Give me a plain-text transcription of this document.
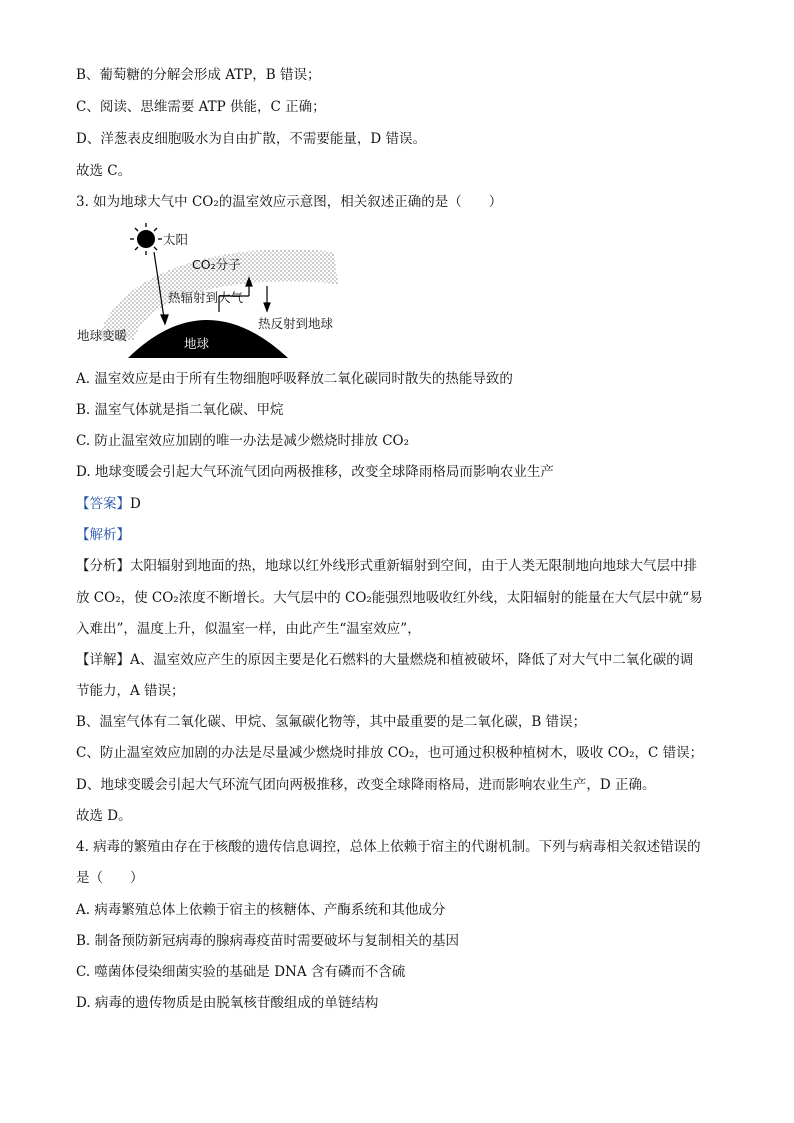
B、葡萄糖的分解会形成 ATP，B 错误；
C、阅读、思维需要 ATP 供能，C 正确；
D、洋葱表皮细胞吸水为自由扩散，不需要能量，D 错误。
故选 C。
3. 如为地球大气中 CO₂的温室效应示意图，相关叙述正确的是（　　）
太阳
CO₂分子
地球
热辐射到大气
热反射到地球
地球变暖
A. 温室效应是由于所有生物细胞呼吸释放二氧化碳同时散失的热能导致的
B. 温室气体就是指二氧化碳、甲烷
C. 防止温室效应加剧的唯一办法是减少燃烧时排放 CO₂
D. 地球变暖会引起大气环流气团向两极推移，改变全球降雨格局而影响农业生产
【答案】D
【解析】
【分析】太阳辐射到地面的热，地球以红外线形式重新辐射到空间，由于人类无限制地向地球大气层中排
放 CO₂，使 CO₂浓度不断增长。大气层中的 CO₂能强烈地吸收红外线，太阳辐射的能量在大气层中就“易
入难出”，温度上升，似温室一样，由此产生“温室效应”，
【详解】A、温室效应产生的原因主要是化石燃料的大量燃烧和植被破坏，降低了对大气中二氧化碳的调
节能力，A 错误；
B、温室气体有二氧化碳、甲烷、氢氟碳化物等，其中最重要的是二氧化碳，B 错误；
C、防止温室效应加剧的办法是尽量减少燃烧时排放 CO₂，也可通过积极种植树木，吸收 CO₂，C 错误；
D、地球变暖会引起大气环流气团向两极推移，改变全球降雨格局，进而影响农业生产，D 正确。
故选 D。
4. 病毒的繁殖由存在于核酸的遗传信息调控，总体上依赖于宿主的代谢机制。下列与病毒相关叙述错误的
是（　　）
A. 病毒繁殖总体上依赖于宿主的核糖体、产酶系统和其他成分
B. 制备预防新冠病毒的腺病毒疫苗时需要破坏与复制相关的基因
C. 噬菌体侵染细菌实验的基础是 DNA 含有磷而不含硫
D. 病毒的遗传物质是由脱氧核苷酸组成的单链结构
